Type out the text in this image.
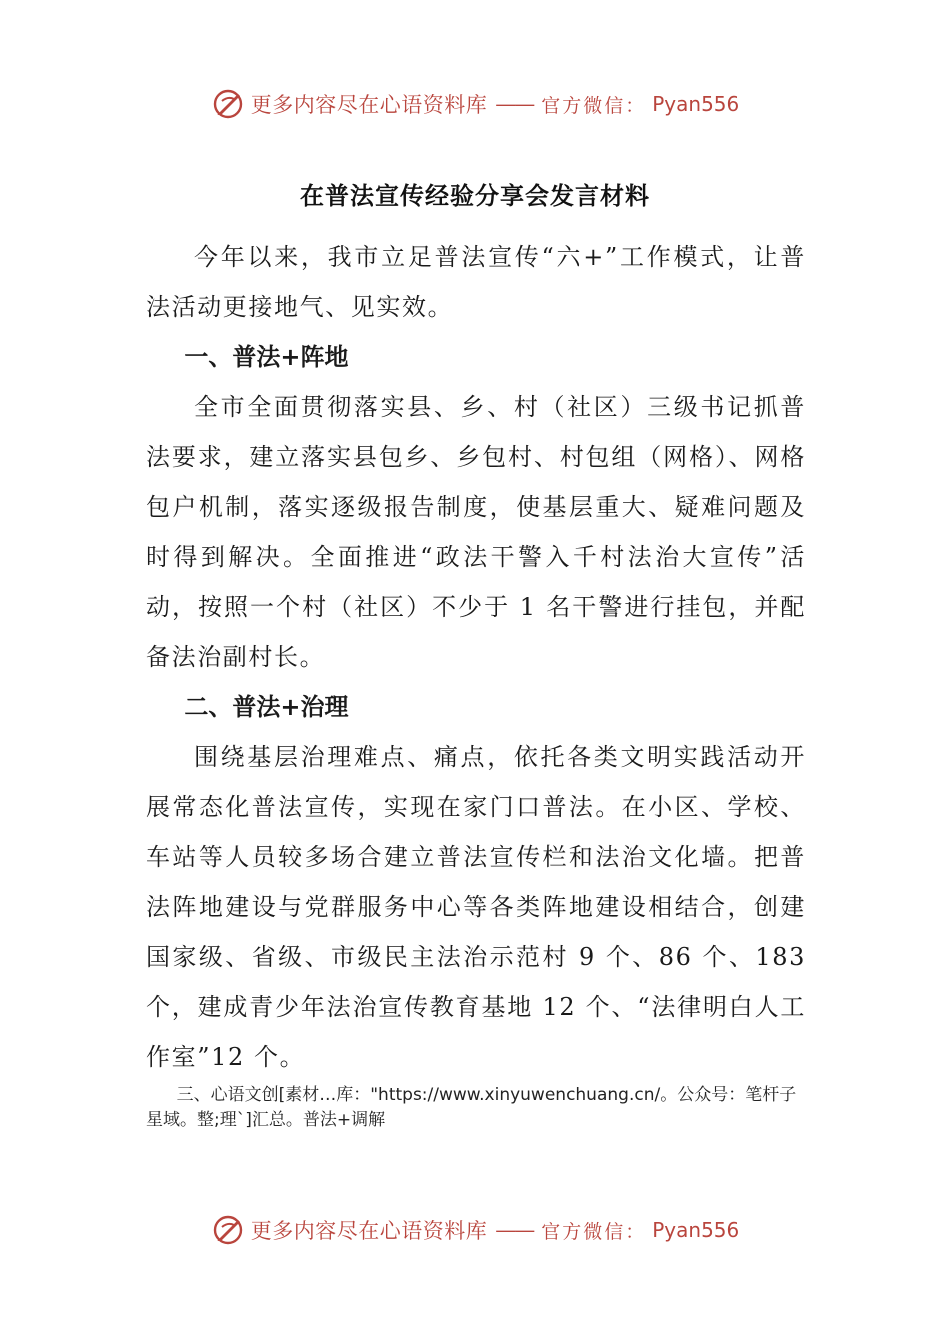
更多内容尽在心语资料库 —— 官方微信： Pyan556
在普法宣传经验分享会发言材料

今年以来，我市立足普法宣传“六+”工作模式，让普法活动更接地气、见实效。

一、普法+阵地

全市全面贯彻落实县、乡、村（社区）三级书记抓普法要求，建立落实县包乡、乡包村、村包组（网格）、网格包户机制，落实逐级报告制度，使基层重大、疑难问题及时得到解决。全面推进“政法干警入千村法治大宣传”活动，按照一个村（社区）不少于 1 名干警进行挂包，并配备法治副村长。

二、普法+治理

围绕基层治理难点、痛点，依托各类文明实践活动开展常态化普法宣传，实现在家门口普法。在小区、学校、车站等人员较多场合建立普法宣传栏和法治文化墙。把普法阵地建设与党群服务中心等各类阵地建设相结合，创建国家级、省级、市级民主法治示范村 9 个、86 个、183 个，建成青少年法治宣传教育基地 12 个、“法律明白人工作室”12 个。

三、心语文创[素材…库："https://www.xinyuwenchuang.cn/。公众号：笔杆子星域。整;理`]汇总。普法+调解
更多内容尽在心语资料库 —— 官方微信： Pyan556
